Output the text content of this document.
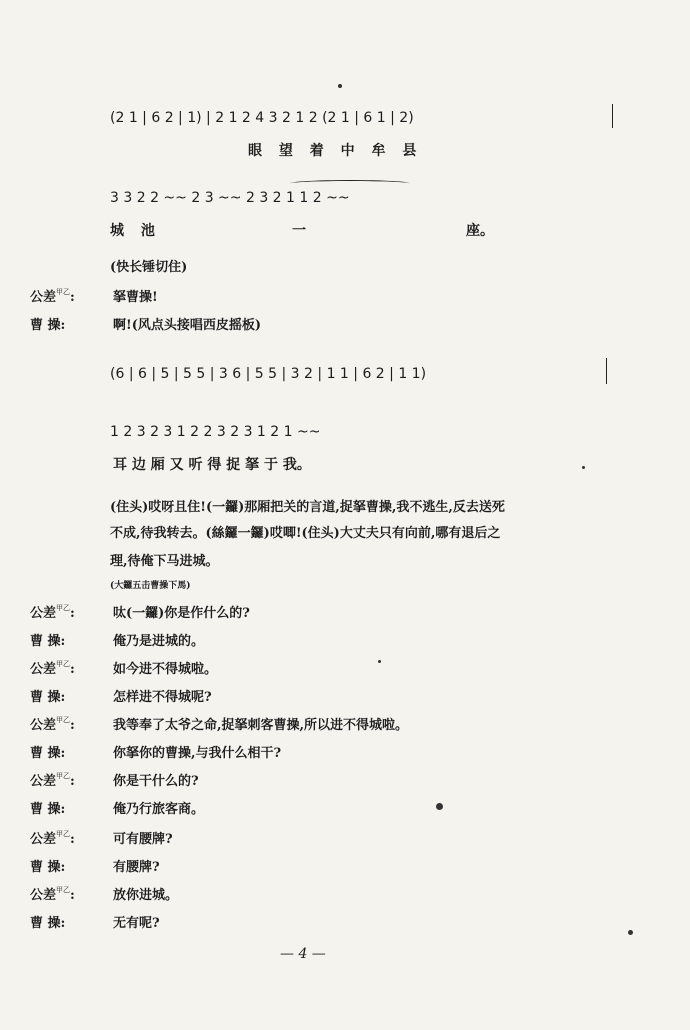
(2 1 | 6 2 | 1) | 2 1 2 4 3 2 1 2 (2 1 | 6 1 | 2)
眼 望 着 中 牟 县
3 3 2 2 ~~ 2 3 ~~ 2 3 2 1 1 2 ~~
城 池	一	座。
(快长锤切住)
公差$^{甲乙}$:	拏曹操!
曹 操:	啊!(风点头接唱西皮摇板)
(6 | 6 | 5 | 5 5 | 3 6 | 5 5 | 3 2 | 1 1 | 6 2 | 1 1)
1 2 3 2 3 1 2 2 3 2 3 1 2 1 ~~
耳 边 厢 又 听 得 捉 拏 于 我。
(住头)哎呀且住!(一鑼)那厢把关的言道,捉拏曹操,我不逃生,反去送死
不成,待我转去。(絲鑼一鑼)哎唧!(住头)大丈夫只有向前,哪有退后之
理,待俺下马进城。
(大鑼五击曹操下馬)
公差$^{甲乙}$:	呔(一鑼)你是作什么的?
曹 操:	俺乃是进城的。
公差$^{甲乙}$:	如今进不得城啦。
曹 操:	怎样进不得城呢?
公差$^{甲乙}$:	我等奉了太爷之命,捉拏刺客曹操,所以进不得城啦。
曹 操:	你拏你的曹操,与我什么相干?
公差$^{甲乙}$:	你是干什么的?
曹 操:	俺乃行旅客商。
公差$^{甲乙}$:	可有腰牌?
曹 操:	有腰牌?
公差$^{甲乙}$:	放你进城。
曹 操:	无有呢?
— 4 —
